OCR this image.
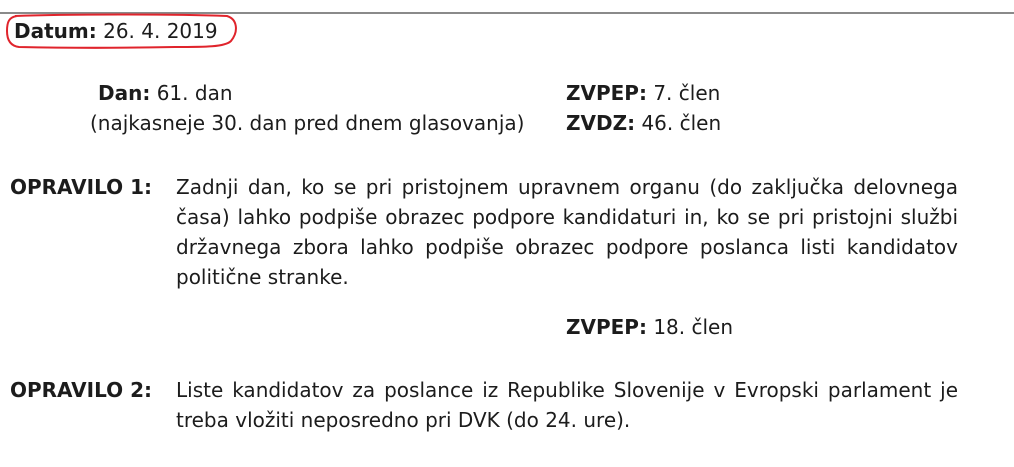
Datum: 26. 4. 2019
Dan: 61. dan
(najkasneje 30. dan pred dnem glasovanja)
ZVPEP: 7. člen
ZVDZ: 46. člen
OPRAVILO 1: Zadnji dan, ko se pri pristojnem upravnem organu (do zaključka delovnega časa) lahko podpiše obrazec podpore kandidaturi in, ko se pri pristojni službi državnega zbora lahko podpiše obrazec podpore poslanca listi kandidatov politične stranke.
ZVPEP: 18. člen
OPRAVILO 2: Liste kandidatov za poslance iz Republike Slovenije v Evropski parlament je treba vložiti neposredno pri DVK (do 24. ure).
